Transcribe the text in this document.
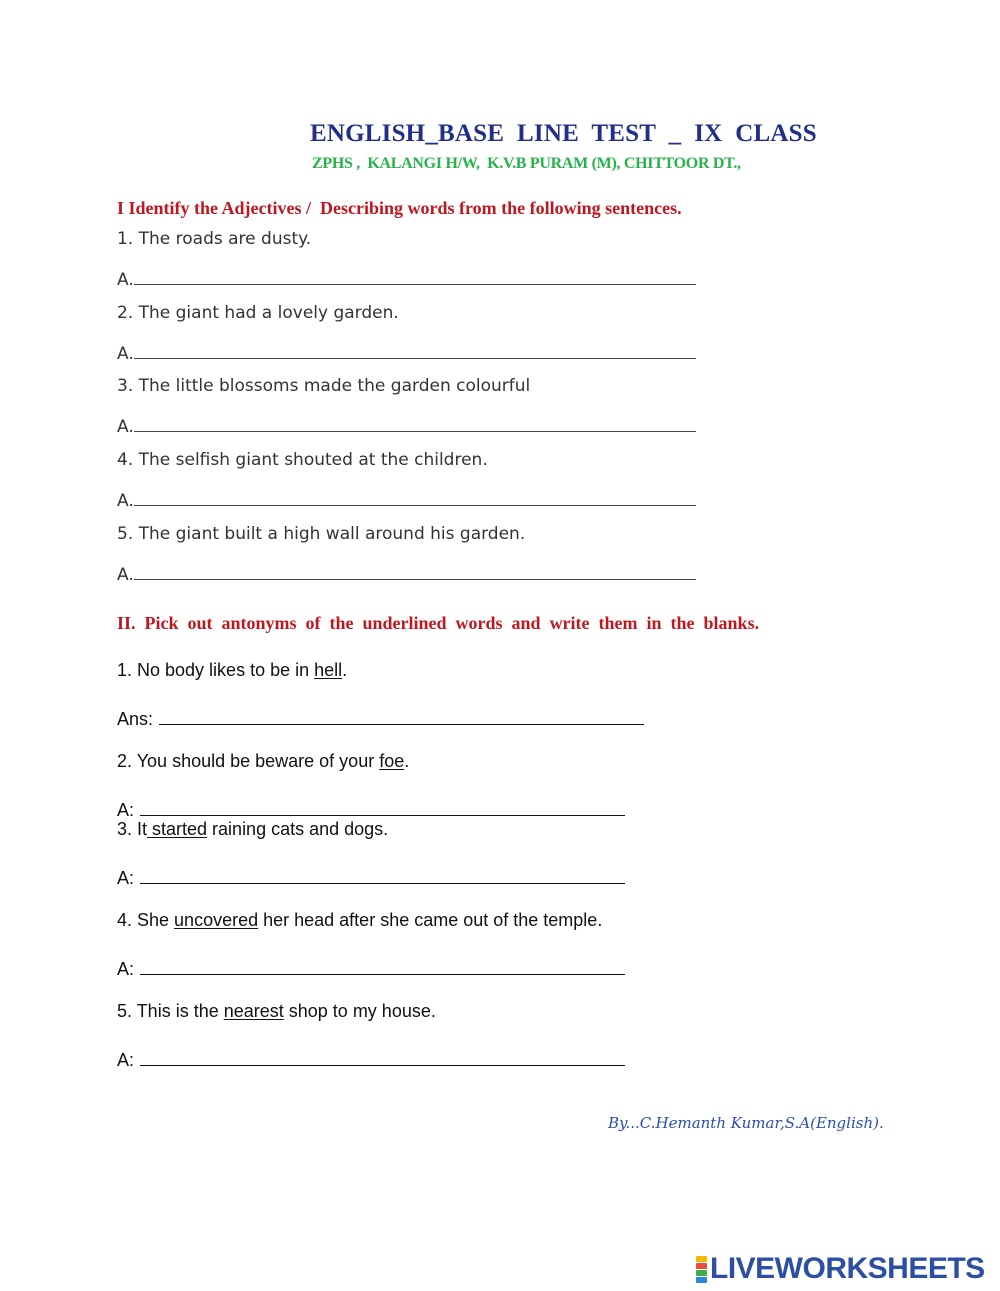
ENGLISH_BASE  LINE  TEST  _  IX  CLASS
ZPHS ,  KALANGI H/W,  K.V.B PURAM (M), CHITTOOR DT.,
I Identify the Adjectives /  Describing words from the following sentences.
1. The roads are dusty.
A.
2. The giant had a lovely garden.
A.
3. The little blossoms made the garden colourful
A.
4. The selfish giant shouted at the children.
A.
5. The giant built a high wall around his garden.
A.
II.  Pick  out  antonyms  of  the  underlined  words  and  write  them  in  the  blanks.
1. No body likes to be in hell.
Ans:
2. You should be beware of your foe.
A:
3. It started raining cats and dogs.
A:
4. She uncovered her head after she came out of the temple.
A:
5. This is the nearest shop to my house.
A:
By...C.Hemanth Kumar,S.A(English).
LIVEWORKSHEETS
